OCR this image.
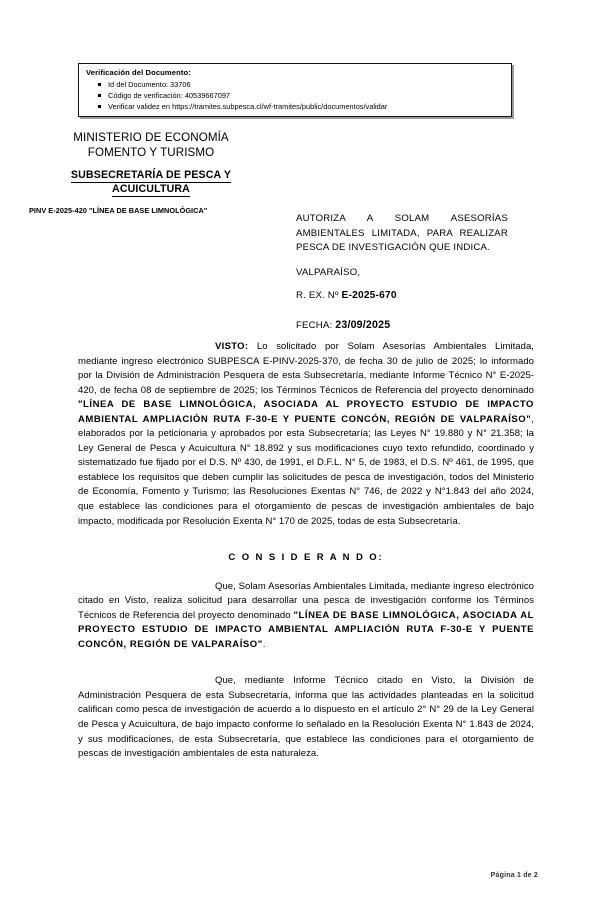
Verificación del Documento:
Id del Documento: 33706
Código de verificación: 40539667097
Verificar validez en https://tramites.subpesca.cl/wf-tramites/public/documentos/validar
MINISTERIO DE ECONOMÍA
FOMENTO Y TURISMO
SUBSECRETARÍA DE PESCA Y
ACUICULTURA
PINV E-2025-420 "LÍNEA DE BASE LIMNOLÓGICA"
AUTORIZA A SOLAM ASESORÍAS AMBIENTALES LIMITADA, PARA REALIZAR PESCA DE INVESTIGACIÓN QUE INDICA.
VALPARAÍSO,
R. EX. Nº E-2025-670
FECHA: 23/09/2025

VISTO: Lo solicitado por Solam Asesorías Ambientales Limitada, mediante ingreso electrónico SUBPESCA E-PINV-2025-370, de fecha 30 de julio de 2025; lo informado por la División de Administración Pesquera de esta Subsecretaría, mediante Informe Técnico N° E-2025-420, de fecha 08 de septiembre de 2025; los Términos Técnicos de Referencia del proyecto denominado "LÍNEA DE BASE LIMNOLÓGICA, ASOCIADA AL PROYECTO ESTUDIO DE IMPACTO AMBIENTAL AMPLIACIÓN RUTA F-30-E Y PUENTE CONCÓN, REGIÓN DE VALPARAÍSO", elaborados por la peticionaria y aprobados por esta Subsecretaría; las Leyes N° 19.880 y N° 21.358; la Ley General de Pesca y Acuicultura N° 18.892 y sus modificaciones cuyo texto refundido, coordinado y sistematizado fue fijado por el D.S. Nº 430, de 1991, el D.F.L. N° 5, de 1983, el D.S. Nº 461, de 1995, que establece los requisitos que deben cumplir las solicitudes de pesca de investigación, todos del Ministerio de Economía, Fomento y Turismo; las Resoluciones Exentas N° 746, de 2022 y N°1.843 del año 2024, que establece las condiciones para el otorgamiento de pescas de investigación ambientales de bajo impacto, modificada por Resolución Exenta N° 170 de 2025, todas de esta Subsecretaría.

C O N S I D E R A N D O:

Que, Solam Asesorías Ambientales Limitada, mediante ingreso electrónico citado en Visto, realiza solicitud para desarrollar una pesca de investigación conforme los Términos Técnicos de Referencia del proyecto denominado "LÍNEA DE BASE LIMNOLÓGICA, ASOCIADA AL PROYECTO ESTUDIO DE IMPACTO AMBIENTAL AMPLIACIÓN RUTA F-30-E Y PUENTE CONCÓN, REGIÓN DE VALPARAÍSO".

Que, mediante Informe Técnico citado en Visto, la División de Administración Pesquera de esta Subsecretaría, informa que las actividades planteadas en la solicitud califican como pesca de investigación de acuerdo a lo dispuesto en el artículo 2° N° 29 de la Ley General de Pesca y Acuicultura, de bajo impacto conforme lo señalado en la Resolución Exenta N° 1.843 de 2024, y sus modificaciones, de esta Subsecretaría, que establece las condiciones para el otorgamiento de pescas de investigación ambientales de esta naturaleza.

Página 1 de 2
